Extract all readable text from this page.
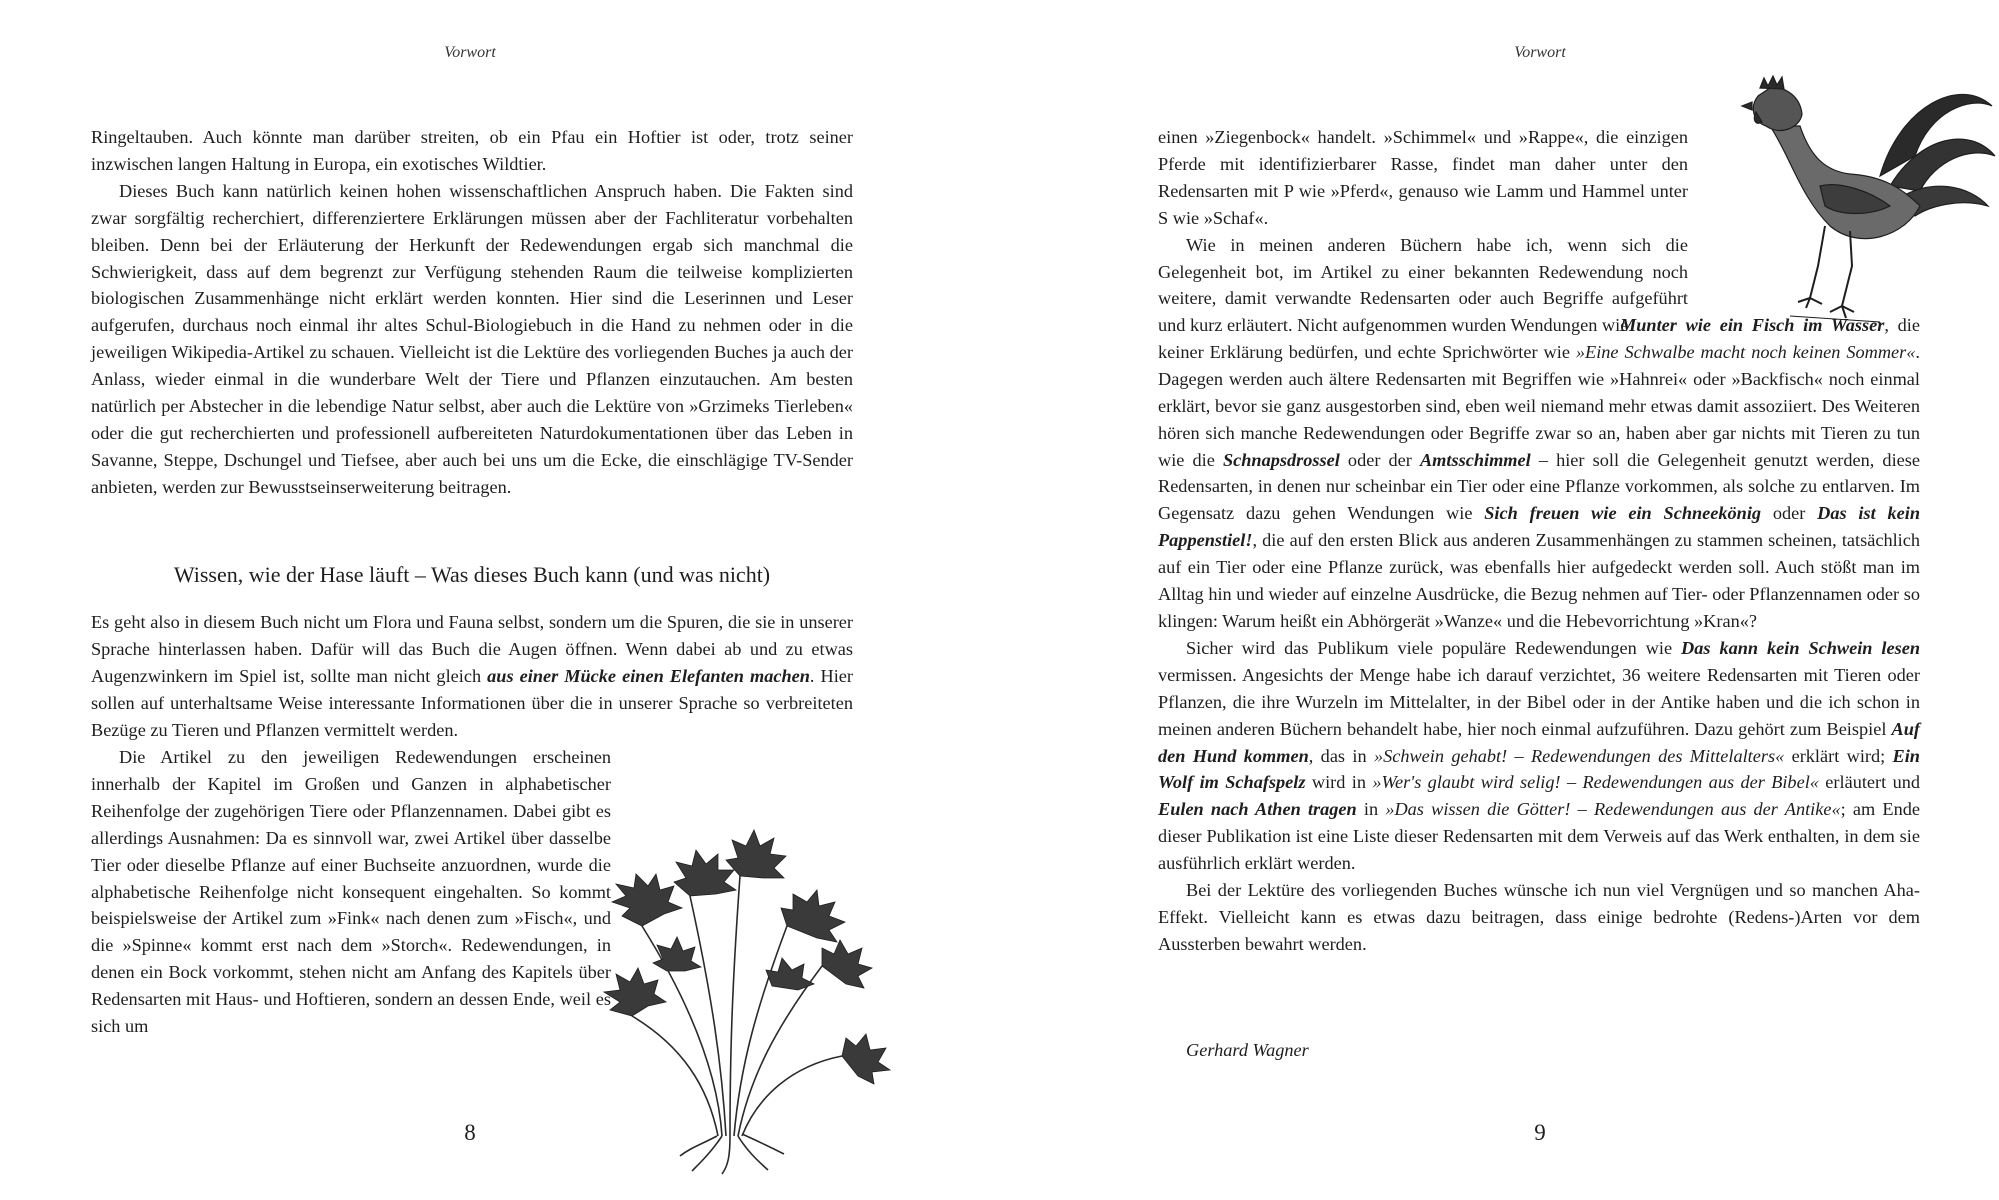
Vorwort

Ringeltauben. Auch könnte man darüber streiten, ob ein Pfau ein Hoftier ist oder, trotz seiner inzwischen langen Haltung in Europa, ein exotisches Wildtier.

Dieses Buch kann natürlich keinen hohen wissenschaftlichen Anspruch haben. Die Fakten sind zwar sorgfältig recherchiert, differenziertere Erklärungen müssen aber der Fachliteratur vorbehalten bleiben. Denn bei der Erläuterung der Herkunft der Redewendungen ergab sich manchmal die Schwierigkeit, dass auf dem begrenzt zur Verfügung stehenden Raum die teilweise komplizierten biologischen Zusammenhänge nicht erklärt werden konnten. Hier sind die Leserinnen und Leser aufgerufen, durchaus noch einmal ihr altes Schul-Biologiebuch in die Hand zu nehmen oder in die jeweiligen Wikipedia-Artikel zu schauen. Vielleicht ist die Lektüre des vorliegenden Buches ja auch der Anlass, wieder einmal in die wunderbare Welt der Tiere und Pflanzen einzutauchen. Am besten natürlich per Abstecher in die lebendige Natur selbst, aber auch die Lektüre von »Grzimeks Tierleben« oder die gut recherchierten und professionell aufbereiteten Naturdokumentationen über das Leben in Savanne, Steppe, Dschungel und Tiefsee, aber auch bei uns um die Ecke, die einschlägige TV-Sender anbieten, werden zur Bewusstseinserweiterung beitragen.

Wissen, wie der Hase läuft – Was dieses Buch kann (und was nicht)

Es geht also in diesem Buch nicht um Flora und Fauna selbst, sondern um die Spuren, die sie in unserer Sprache hinterlassen haben. Dafür will das Buch die Augen öffnen. Wenn dabei ab und zu etwas Augenzwinkern im Spiel ist, sollte man nicht gleich aus einer Mücke einen Elefanten machen. Hier sollen auf unterhaltsame Weise interessante Informationen über die in unserer Sprache so verbreiteten Bezüge zu Tieren und Pflanzen vermittelt werden.

Die Artikel zu den jeweiligen Redewendungen erscheinen innerhalb der Kapitel im Großen und Ganzen in alphabetischer Reihenfolge der zugehörigen Tiere oder Pflanzennamen. Dabei gibt es allerdings Ausnahmen: Da es sinnvoll war, zwei Artikel über dasselbe Tier oder dieselbe Pflanze auf einer Buchseite anzuordnen, wurde die alphabetische Reihenfolge nicht konsequent eingehalten. So kommt beispielsweise der Artikel zum »Fink« nach denen zum »Fisch«, und die »Spinne« kommt erst nach dem »Storch«. Redewendungen, in denen ein Bock vorkommt, stehen nicht am Anfang des Kapitels über Redensarten mit Haus- und Hoftieren, sondern an dessen Ende, weil es sich um

8
Vorwort

einen »Ziegenbock« handelt. »Schimmel« und »Rappe«, die einzigen Pferde mit identifizierbarer Rasse, findet man daher unter den Redensarten mit P wie »Pferd«, genauso wie Lamm und Hammel unter S wie »Schaf«.

Wie in meinen anderen Büchern habe ich, wenn sich die Gelegenheit bot, im Artikel zu einer bekannten Redewendung noch weitere, damit verwandte Redensarten oder auch Begriffe aufgeführt und kurz erläutert. Nicht aufgenommen wurden Wendungen wie

Munter wie ein Fisch im Wasser, die keiner Erklärung bedürfen, und echte Sprichwörter wie »Eine Schwalbe macht noch keinen Sommer«. Dagegen werden auch ältere Redensarten mit Begriffen wie »Hahnrei« oder »Backfisch« noch einmal erklärt, bevor sie ganz ausgestorben sind, eben weil niemand mehr etwas damit assoziiert. Des Weiteren hören sich manche Redewendungen oder Begriffe zwar so an, haben aber gar nichts mit Tieren zu tun wie die Schnapsdrossel oder der Amtsschimmel – hier soll die Gelegenheit genutzt werden, diese Redensarten, in denen nur scheinbar ein Tier oder eine Pflanze vorkommen, als solche zu entlarven. Im Gegensatz dazu gehen Wendungen wie Sich freuen wie ein Schneekönig oder Das ist kein Pappenstiel!, die auf den ersten Blick aus anderen Zusammenhängen zu stammen scheinen, tatsächlich auf ein Tier oder eine Pflanze zurück, was ebenfalls hier aufgedeckt werden soll. Auch stößt man im Alltag hin und wieder auf einzelne Ausdrücke, die Bezug nehmen auf Tier- oder Pflanzennamen oder so klingen: Warum heißt ein Abhörgerät »Wanze« und die Hebevorrichtung »Kran«?

Sicher wird das Publikum viele populäre Redewendungen wie Das kann kein Schwein lesen vermissen. Angesichts der Menge habe ich darauf verzichtet, 36 weitere Redensarten mit Tieren oder Pflanzen, die ihre Wurzeln im Mittelalter, in der Bibel oder in der Antike haben und die ich schon in meinen anderen Büchern behandelt habe, hier noch einmal aufzuführen. Dazu gehört zum Beispiel Auf den Hund kommen, das in »Schwein gehabt! – Redewendungen des Mittelalters« erklärt wird; Ein Wolf im Schafspelz wird in »Wer's glaubt wird selig! – Redewendungen aus der Bibel« erläutert und Eulen nach Athen tragen in »Das wissen die Götter! – Redewendungen aus der Antike«; am Ende dieser Publikation ist eine Liste dieser Redensarten mit dem Verweis auf das Werk enthalten, in dem sie ausführlich erklärt werden.

Bei der Lektüre des vorliegenden Buches wünsche ich nun viel Vergnügen und so manchen Aha-Effekt. Vielleicht kann es etwas dazu beitragen, dass einige bedrohte (Redens-)Arten vor dem Aussterben bewahrt werden.

Gerhard Wagner
9
